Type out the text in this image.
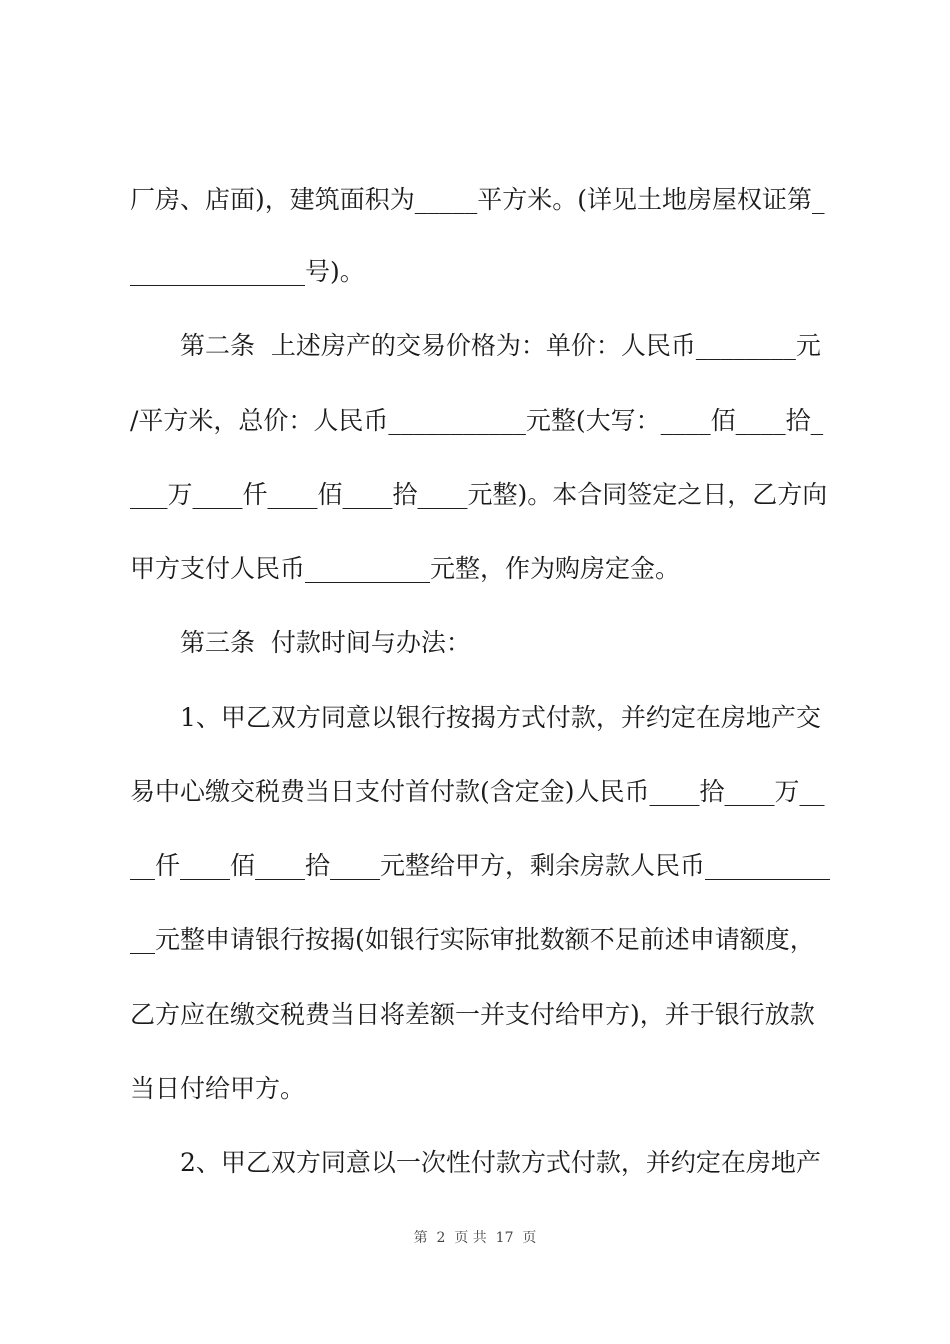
厂房、店面)，建筑面积为_____平方米。(详见土地房屋权证第_
______________号)。
第二条  上述房产的交易价格为：单价：人民币________元
/平方米，总价：人民币___________元整(大写：____佰____拾_
___万____仟____佰____拾____元整)。本合同签定之日，乙方向
甲方支付人民币__________元整，作为购房定金。
第三条  付款时间与办法：
1、甲乙双方同意以银行按揭方式付款，并约定在房地产交
易中心缴交税费当日支付首付款(含定金)人民币____拾____万__
__仟____佰____拾____元整给甲方，剩余房款人民币__________
__元整申请银行按揭(如银行实际审批数额不足前述申请额度，
乙方应在缴交税费当日将差额一并支付给甲方)，并于银行放款
当日付给甲方。
2、甲乙双方同意以一次性付款方式付款，并约定在房地产
第  2  页 共  17  页
